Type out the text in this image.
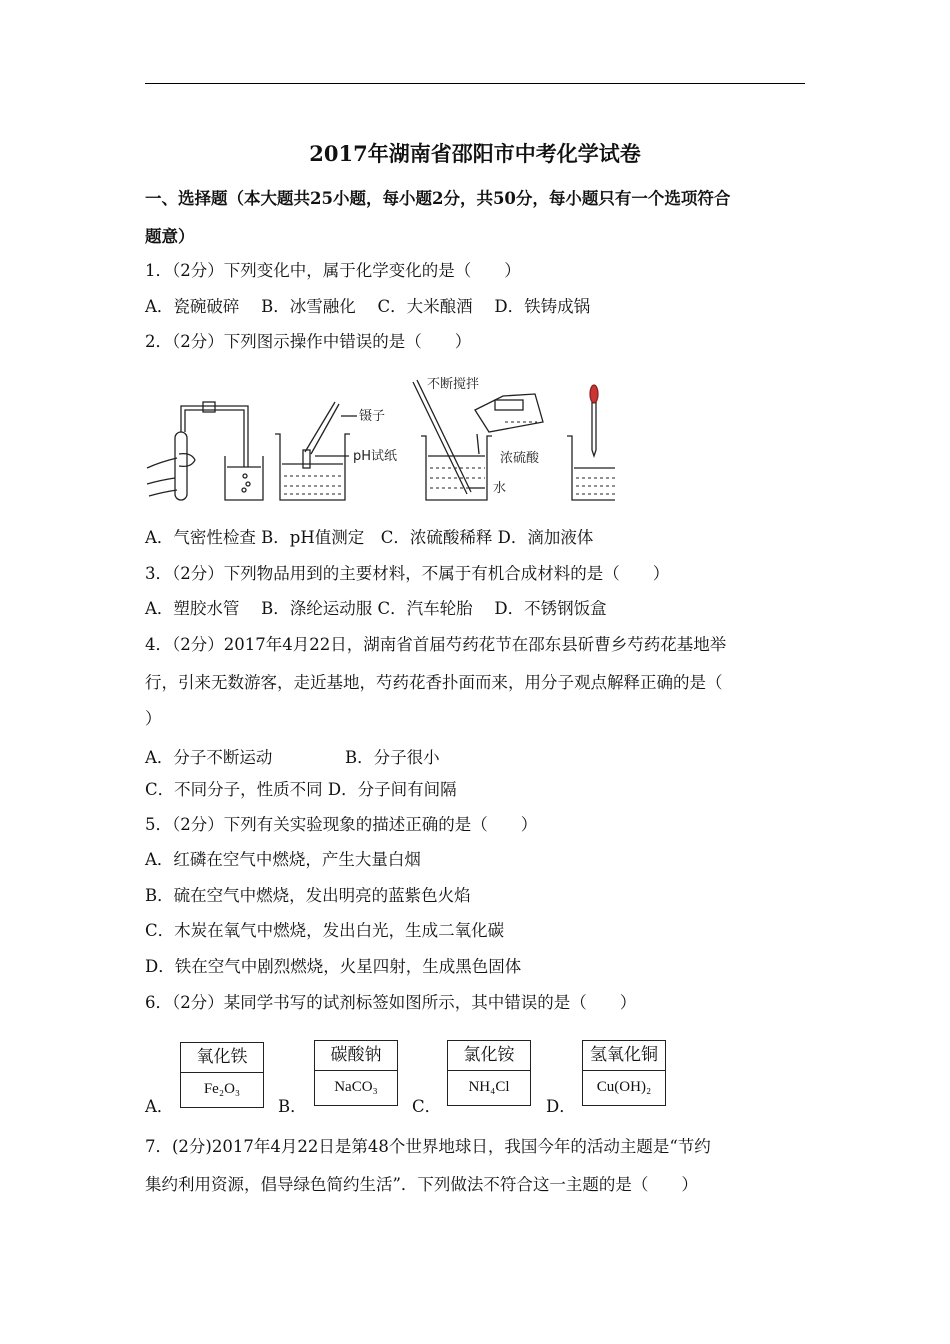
2017年湖南省邵阳市中考化学试卷
一、选择题（本大题共25小题，每小题2分，共50分，每小题只有一个选项符合
题意）
1．（2分）下列变化中，属于化学变化的是（　　）
A．瓷碗破碎　 B．冰雪融化　 C．大米酿酒　 D．铁铸成锅
2．（2分）下列图示操作中错误的是（　　）
镊子
pH试纸
不断搅拌
浓硫酸
水
A．气密性检查 B．pH值测定　C．浓硫酸稀释 D．滴加液体
3．（2分）下列物品用到的主要材料，不属于有机合成材料的是（　　）
A．塑胶水管　 B．涤纶运动服 C．汽车轮胎　 D．不锈钢饭盒
4．（2分）2017年4月22日，湖南省首届芍药花节在邵东县斫曹乡芍药花基地举
行，引来无数游客，走近基地，芍药花香扑面而来，用分子观点解释正确的是（
）
A．分子不断运动	B．分子很小
C．不同分子，性质不同 D．分子间有间隔
5．（2分）下列有关实验现象的描述正确的是（　　）
A．红磷在空气中燃烧，产生大量白烟
B．硫在空气中燃烧，发出明亮的蓝紫色火焰
C．木炭在氧气中燃烧，发出白光，生成二氧化碳
D．铁在空气中剧烈燃烧，火星四射，生成黑色固体
6．（2分）某同学书写的试剂标签如图所示，其中错误的是（　　）
A．
氧化铁
Fe₂O₃
B．
碳酸钠
NaCO₃
C．
氯化铵
NH₄Cl
D．
氢氧化铜
Cu(OH)₂
7．(2分)2017年4月22日是第48个世界地球日，我国今年的活动主题是“节约
集约利用资源，倡导绿色简约生活”．下列做法不符合这一主题的是（　　）
